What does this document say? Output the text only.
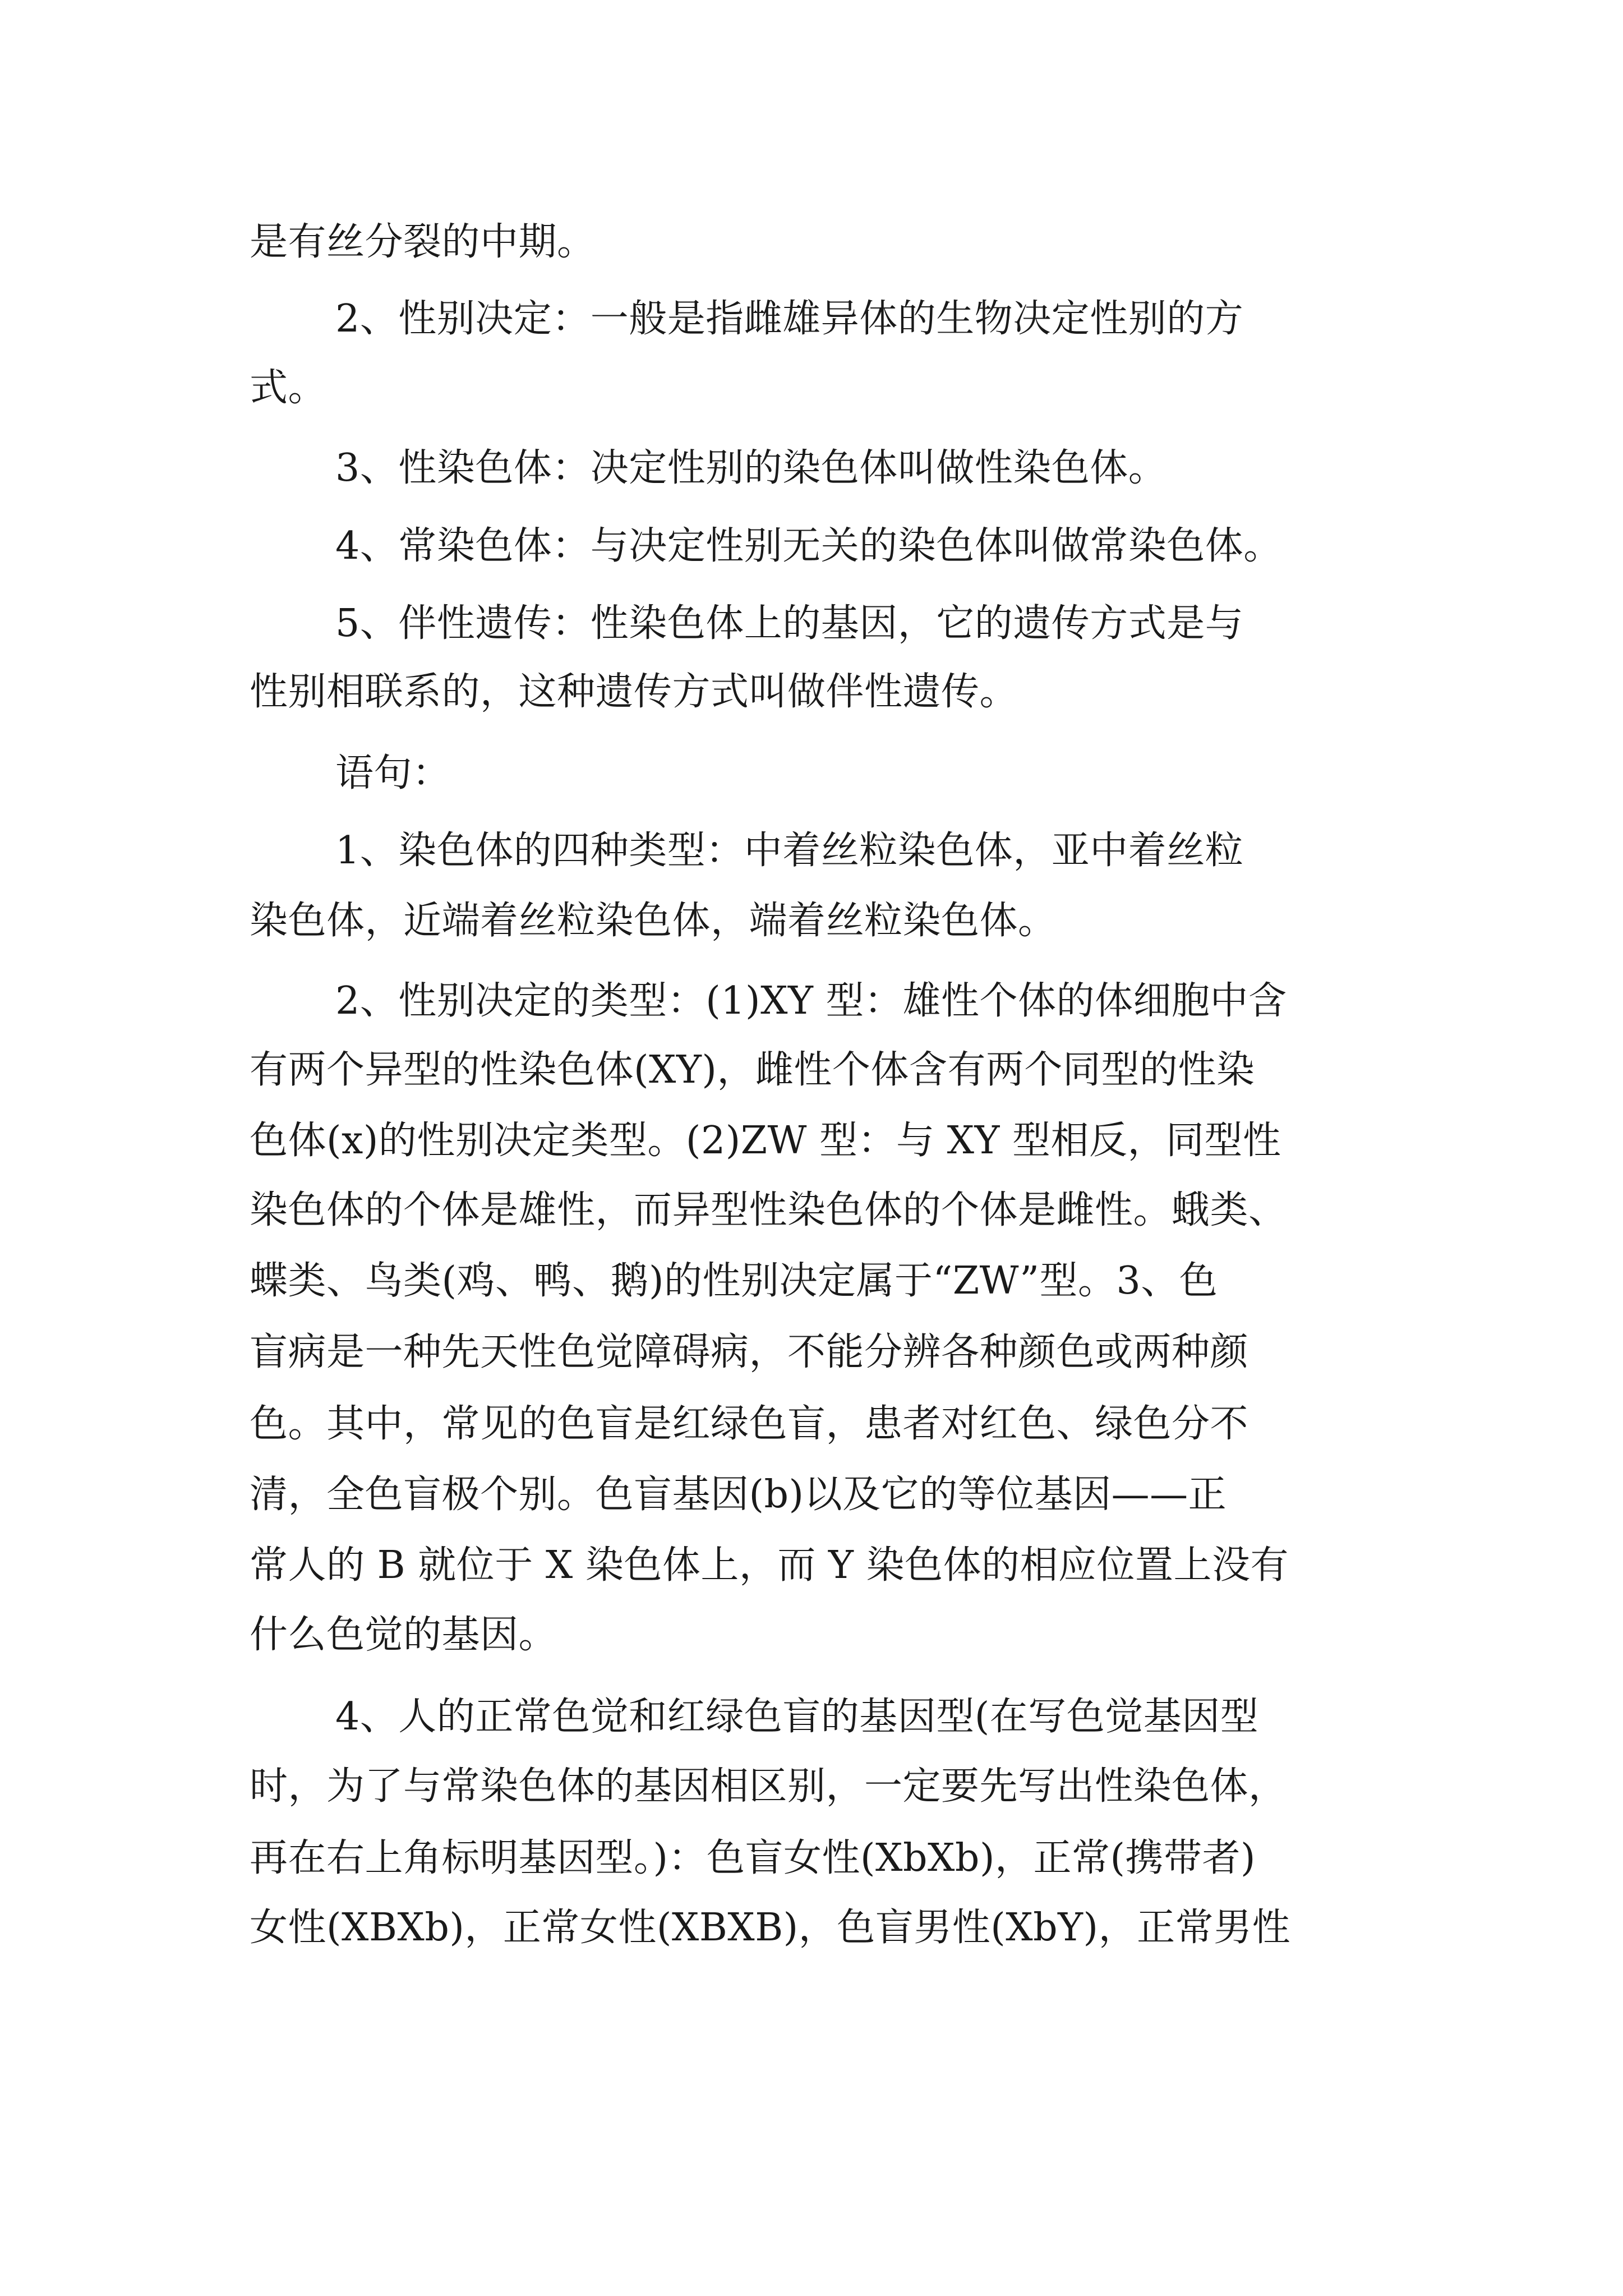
是有丝分裂的中期。
2、性别决定：一般是指雌雄异体的生物决定性别的方
式。
3、性染色体：决定性别的染色体叫做性染色体。
4、常染色体：与决定性别无关的染色体叫做常染色体。
5、伴性遗传：性染色体上的基因，它的遗传方式是与
性别相联系的，这种遗传方式叫做伴性遗传。
语句：
1、染色体的四种类型：中着丝粒染色体，亚中着丝粒
染色体，近端着丝粒染色体，端着丝粒染色体。
2、性别决定的类型：(1)XY 型：雄性个体的体细胞中含
有两个异型的性染色体(XY)，雌性个体含有两个同型的性染
色体(x)的性别决定类型。(2)ZW 型：与 XY 型相反，同型性
染色体的个体是雄性，而异型性染色体的个体是雌性。蛾类、
蝶类、鸟类(鸡、鸭、鹅)的性别决定属于“ZW”型。3、色
盲病是一种先天性色觉障碍病，不能分辨各种颜色或两种颜
色。其中，常见的色盲是红绿色盲，患者对红色、绿色分不
清，全色盲极个别。色盲基因(b)以及它的等位基因——正
常人的 B 就位于 X 染色体上，而 Y 染色体的相应位置上没有
什么色觉的基因。
4、人的正常色觉和红绿色盲的基因型(在写色觉基因型
时，为了与常染色体的基因相区别，一定要先写出性染色体，
再在右上角标明基因型。)：色盲女性(XbXb)，正常(携带者)
女性(XBXb)，正常女性(XBXB)，色盲男性(XbY)，正常男性
